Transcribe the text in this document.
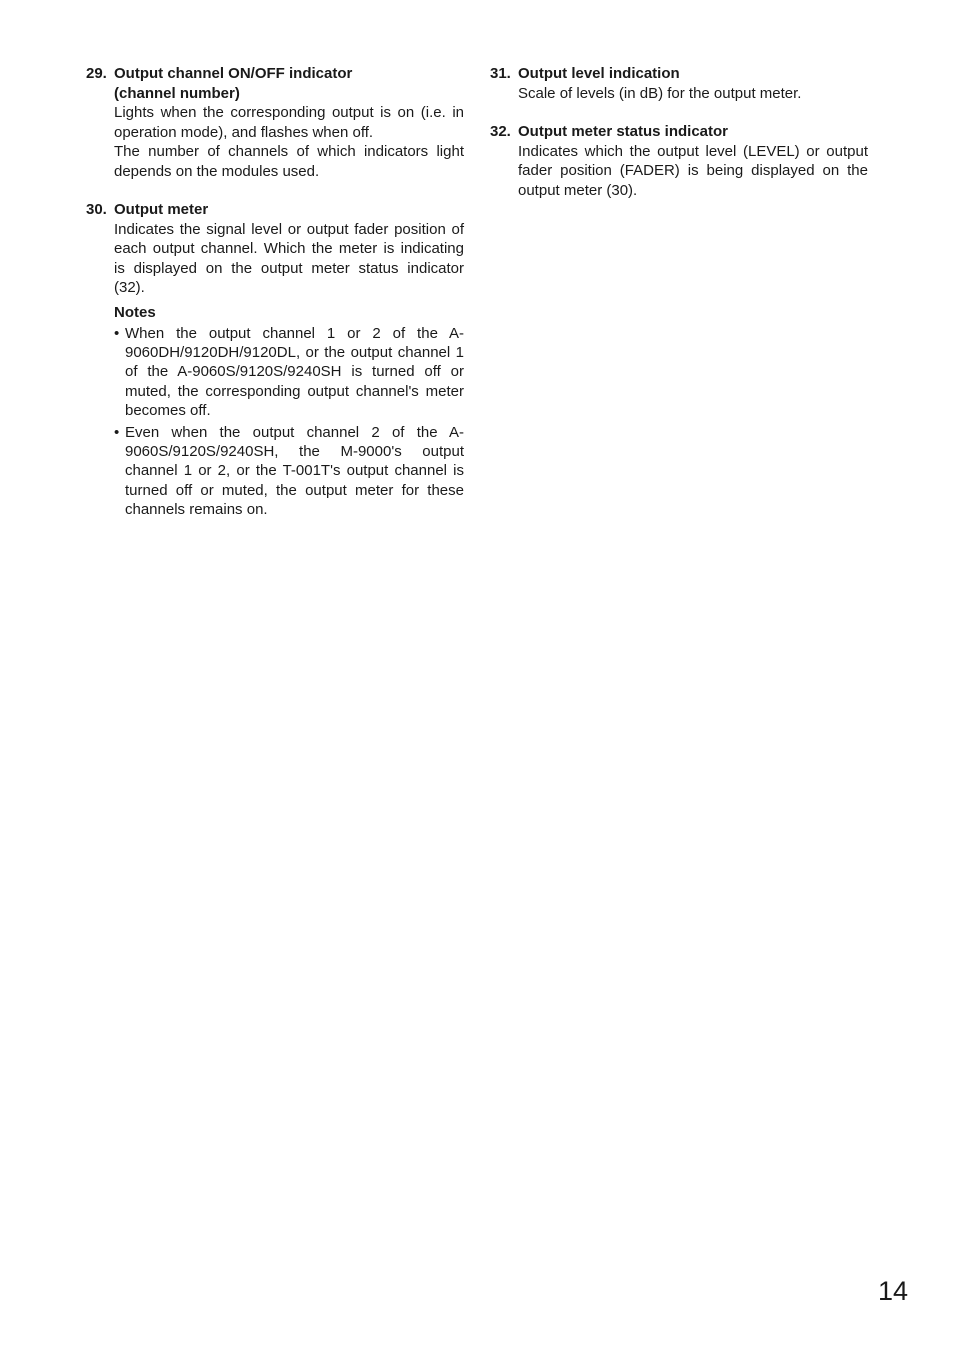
29. Output channel ON/OFF indicator
(channel number)

Lights when the corresponding output is on (i.e. in operation mode), and flashes when off.

The number of channels of which indicators light depends on the modules used.

30. Output meter

Indicates the signal level or output fader position of each output channel. Which the meter is indicating is displayed on the output meter status indicator (32).

Notes
• When the output channel 1 or 2 of the A-9060DH/9120DH/9120DL, or the output channel 1 of the A-9060S/9120S/9240SH is turned off or muted, the corresponding output channel's meter becomes off.
• Even when the output channel 2 of the A-9060S/9120S/9240SH, the M-9000's output channel 1 or 2, or the T-001T's output channel is turned off or muted, the output meter for these channels remains on.
31. Output level indication

Scale of levels (in dB) for the output meter.

32. Output meter status indicator

Indicates which the output level (LEVEL) or output fader position (FADER) is being displayed on the output meter (30).

14
